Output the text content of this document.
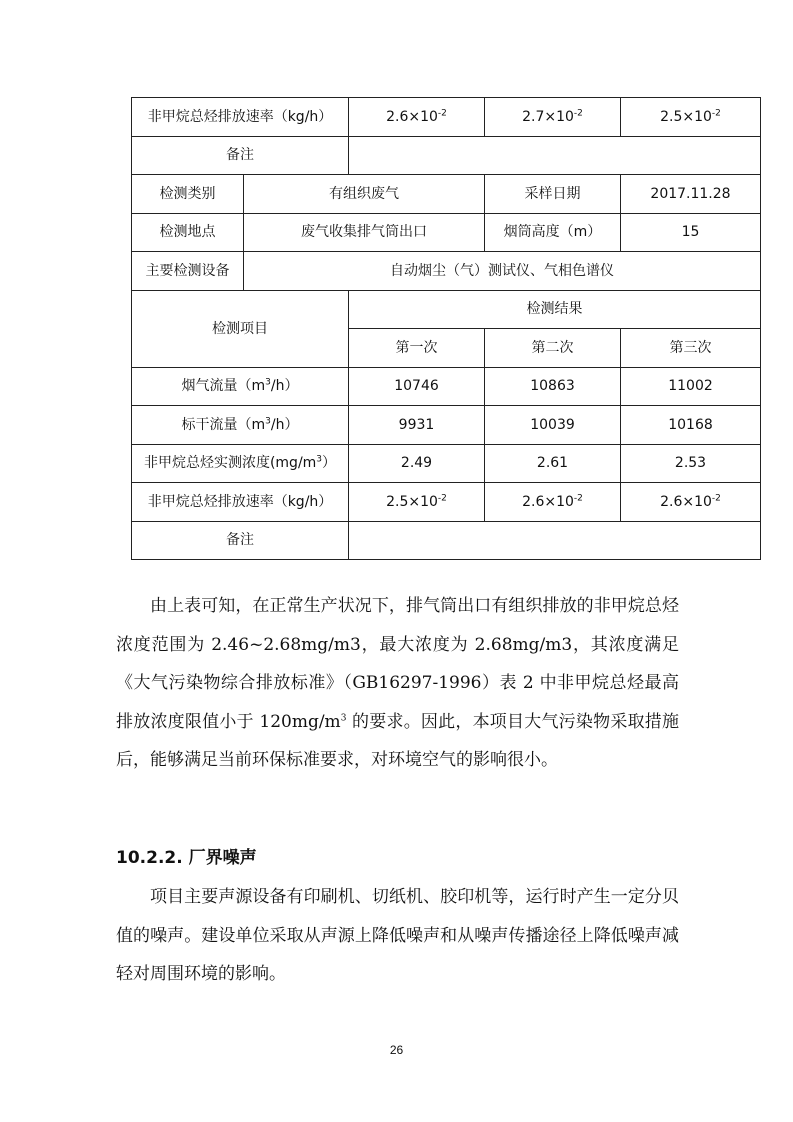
非甲烷总烃排放速率（kg/h）		$2.6\times 10^{-2}$	$2.7\times 10^{-2}$	$2.5\times 10^{-2}$
备注				
检测类别	有组织废气		采样日期	2017.11.28
检测地点	废气收集排气筒出口		烟筒高度（m）	15
主要检测设备	自动烟尘（气）测试仪、气相色谱仪			
检测项目		检测结果		
		第一次	第二次	第三次
烟气流量$(m^3/h)$		10746	10863	11002
标干流量$(m^3/h)$		9931	10039	10168
非甲烷总烃实测浓度$(mg/m^3)$		2.49	2.61	2.53
非甲烷总烃排放速率（kg/h）		$2.5\times 10^{-2}$	$2.6\times 10^{-2}$	$2.6\times 10^{-2}$
备注				

由上表可知，在正常生产状况下，排气筒出口有组织排放的非甲烷总烃浓度范围为 2.46~2.68mg/m3，最大浓度为 2.68mg/m3，其浓度满足《大气污染物综合排放标准》（GB16297-1996）表 2 中非甲烷总烃最高排放浓度限值小于 $120mg/m^3$ 的要求。因此，本项目大气污染物采取措施后，能够满足当前环保标准要求，对环境空气的影响很小。

10.2.2. 厂界噪声

项目主要声源设备有印刷机、切纸机、胶印机等，运行时产生一定分贝值的噪声。建设单位采取从声源上降低噪声和从噪声传播途径上降低噪声减轻对周围环境的影响。

26
